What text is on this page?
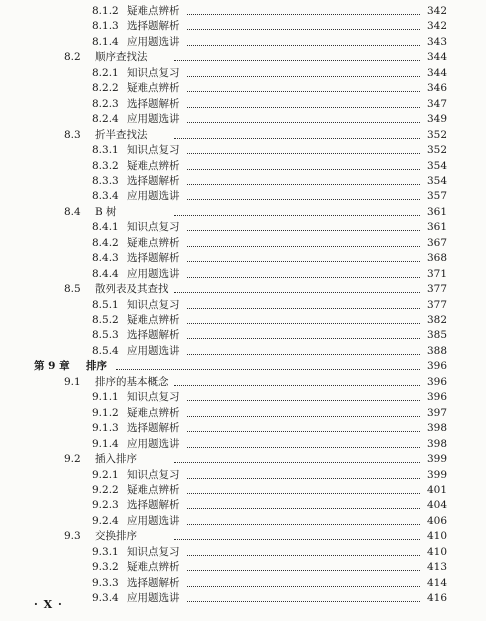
8.1.2 疑难点辨析	342
8.1.3 选择题解析	342
8.1.4 应用题选讲	343
8.2 顺序查找法	344
8.2.1 知识点复习	344
8.2.2 疑难点辨析	346
8.2.3 选择题解析	347
8.2.4 应用题选讲	349
8.3 折半查找法	352
8.3.1 知识点复习	352
8.3.2 疑难点辨析	354
8.3.3 选择题解析	354
8.3.4 应用题选讲	357
8.4 B 树	361
8.4.1 知识点复习	361
8.4.2 疑难点辨析	367
8.4.3 选择题解析	368
8.4.4 应用题选讲	371
8.5 散列表及其查找	377
8.5.1 知识点复习	377
8.5.2 疑难点辨析	382
8.5.3 选择题解析	385
8.5.4 应用题选讲	388
第 9 章 排序	396
9.1 排序的基本概念	396
9.1.1 知识点复习	396
9.1.2 疑难点辨析	397
9.1.3 选择题解析	398
9.1.4 应用题选讲	398
9.2 插入排序	399
9.2.1 知识点复习	399
9.2.2 疑难点辨析	401
9.2.3 选择题解析	404
9.2.4 应用题选讲	406
9.3 交换排序	410
9.3.1 知识点复习	410
9.3.2 疑难点辨析	413
9.3.3 选择题解析	414
9.3.4 应用题选讲	416
· X ·
